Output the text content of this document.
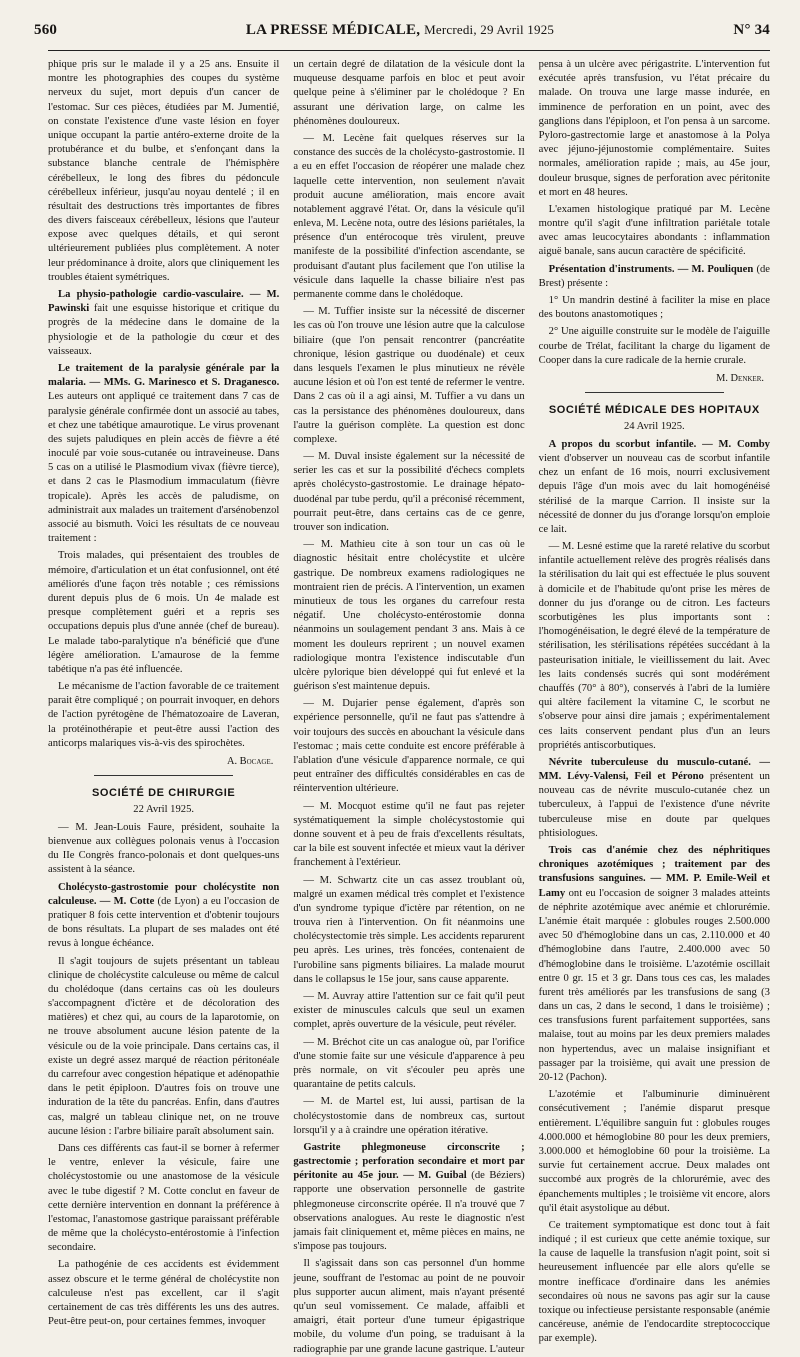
560	LA PRESSE MÉDICALE, Mercredi, 29 Avril 1925	N° 34

phique pris sur le malade il y a 25 ans. Ensuite il montre les photographies des coupes du système nerveux du sujet, mort depuis d'un cancer de l'estomac. Sur ces pièces, étudiées par M. Jumentié, on constate l'existence d'une vaste lésion en foyer unique occupant la partie antéro-externe droite de la protubérance et du bulbe, et s'enfonçant dans la substance blanche centrale de l'hémisphère cérébelleux, le long des fibres du pédoncule cérébelleux inférieur, jusqu'au noyau dentelé ; il en résultait des destructions très importantes de fibres des divers faisceaux cérébelleux, lésions que l'auteur expose avec quelques détails, et qui seront ultérieurement publiées plus complètement. A noter leur prédominance à droite, alors que cliniquement les troubles étaient symétriques.

La physio-pathologie cardio-vasculaire. — M. Pawinski fait une esquisse historique et critique du progrès de la médecine dans le domaine de la physiologie et de la pathologie du cœur et des vaisseaux.

Le traitement de la paralysie générale par la malaria. — MMs. G. Marinesco et S. Draganesco. Les auteurs ont appliqué ce traitement dans 7 cas de paralysie générale confirmée dont un associé au tabes, et chez une tabétique amaurotique. Le virus provenant des sujets paludiques en plein accès de fièvre a été inoculé par voie sous-cutanée ou intraveineuse. Dans 5 cas on a utilisé le Plasmodium vivax (fièvre tierce), et dans 2 cas le Plasmodium immaculatum (fièvre tropicale). Après les accès de paludisme, on administrait aux malades un traitement d'arsénobenzol associé au bismuth. Voici les résultats de ce nouveau traitement :

Trois malades, qui présentaient des troubles de mémoire, d'articulation et un état confusionnel, ont été améliorés d'une façon très notable ; ces rémissions durent depuis plus de 6 mois. Un 4e malade est presque complètement guéri et a repris ses occupations depuis plus d'une année (chef de bureau). Le malade tabo-paralytique n'a bénéficié que d'une légère amélioration. L'amaurose de la femme tabétique n'a pas été influencée.

Le mécanisme de l'action favorable de ce traitement parait être compliqué ; on pourrait invoquer, en dehors de l'action pyrétogène de l'hématozoaire de Laveran, la protéinothérapie et peut-être aussi l'action des anticorps malariques vis-à-vis des spirochètes.

A. Bocage.
SOCIÉTÉ DE CHIRURGIE
22 Avril 1925.

— M. Jean-Louis Faure, président, souhaite la bienvenue aux collègues polonais venus à l'occasion du IIe Congrès franco-polonais et dont quelques-uns assistent à la séance.

Cholécysto-gastrostomie pour cholécystite non calculeuse. — M. Cotte (de Lyon) a eu l'occasion de pratiquer 8 fois cette intervention et d'obtenir toujours de bons résultats. La plupart de ses malades ont été revus à longue échéance.

Il s'agit toujours de sujets présentant un tableau clinique de cholécystite calculeuse ou même de calcul du cholédoque (dans certains cas où les douleurs s'accompagnent d'ictère et de décoloration des matières) et chez qui, au cours de la laparotomie, on ne trouve absolument aucune lésion patente de la vésicule ou de la voie principale. Dans certains cas, il existe un degré assez marqué de réaction péritonéale du carrefour avec congestion hépatique et adénopathie dans le petit épiploon. D'autres fois on trouve une induration de la tête du pancréas. Enfin, dans d'autres cas, malgré un tableau clinique net, on ne trouve aucune lésion : l'arbre biliaire paraît absolument sain.

Dans ces différents cas faut-il se borner à refermer le ventre, enlever la vésicule, faire une cholécystostomie ou une anastomose de la vésicule avec le tube digestif ? M. Cotte conclut en faveur de cette dernière intervention en donnant la préférence à l'estomac, l'anastomose gastrique paraissant préférable de même que la cholécysto-entérostomie à l'infection secondaire.

La pathogénie de ces accidents est évidemment assez obscure et le terme général de cholécystite non calculeuse n'est pas excellent, car il s'agit certainement de cas très différents les uns des autres. Peut-être peut-on, pour certaines femmes, invoquer

un certain degré de dilatation de la vésicule dont la muqueuse desquame parfois en bloc et peut avoir quelque peine à s'éliminer par le cholédoque ? En assurant une dérivation large, on calme les phénomènes douloureux.

— M. Lecène fait quelques réserves sur la constance des succès de la cholécysto-gastrostomie. Il a eu en effet l'occasion de réopérer une malade chez laquelle cette intervention, non seulement n'avait produit aucune amélioration, mais encore avait notablement aggravé l'état. Or, dans la vésicule qu'il enleva, M. Lecène nota, outre des lésions pariétales, la présence d'un entérocoque très virulent, preuve manifeste de la possibilité d'infection ascendante, se produisant d'autant plus facilement que l'on utilise la vésicule dans laquelle la chasse biliaire n'est pas permanente comme dans le cholédoque.

— M. Tuffier insiste sur la nécessité de discerner les cas où l'on trouve une lésion autre que la calculose biliaire (que l'on pensait rencontrer (pancréatite chronique, lésion gastrique ou duodénale) et ceux dans lesquels l'examen le plus minutieux ne révèle aucune lésion et où l'on est tenté de refermer le ventre. Dans 2 cas où il a agi ainsi, M. Tuffier a vu dans un cas la persistance des phénomènes douloureux, dans l'autre la guérison complète. La question est donc complexe.

— M. Duval insiste également sur la nécessité de serier les cas et sur la possibilité d'échecs complets après cholécysto-gastrostomie. Le drainage hépato-duodénal par tube perdu, qu'il a préconisé récemment, pourrait peut-être, dans certains cas de ce genre, trouver son indication.

— M. Mathieu cite à son tour un cas où le diagnostic hésitait entre cholécystite et ulcère gastrique. De nombreux examens radiologiques ne montraient rien de précis. A l'intervention, un examen minutieux de tous les organes du carrefour resta négatif. Une cholécysto-entérostomie donna néanmoins un soulagement pendant 3 ans. Mais à ce moment les douleurs reprirent ; un nouvel examen radiologique montra l'existence indiscutable d'un ulcère pylorique bien développé qui fut enlevé et la guérison s'est maintenue depuis.

— M. Dujarier pense également, d'après son expérience personnelle, qu'il ne faut pas s'attendre à voir toujours des succès en abouchant la vésicule dans l'estomac ; mais cette conduite est encore préférable à l'ablation d'une vésicule d'apparence normale, ce qui peut entraîner des difficultés considérables en cas de réintervention ultérieure.

— M. Mocquot estime qu'il ne faut pas rejeter systématiquement la simple cholécystostomie qui donne souvent et à peu de frais d'excellents résultats, car la bile est souvent infectée et mieux vaut la dériver franchement à l'extérieur.

— M. Schwartz cite un cas assez troublant où, malgré un examen médical très complet et l'existence d'un syndrome typique d'ictère par rétention, on ne trouva rien à l'intervention. On fit néanmoins une cholécystectomie très simple. Les accidents reparurent peu après. Les urines, très foncées, contenaient de l'urobiline sans pigments biliaires. La malade mourut dans le collapsus le 15e jour, sans cause apparente.

— M. Auvray attire l'attention sur ce fait qu'il peut exister de minuscules calculs que seul un examen complet, après ouverture de la vésicule, peut révéler.

— M. Bréchot cite un cas analogue où, par l'orifice d'une stomie faite sur une vésicule d'apparence à peu près normale, on vit s'écouler peu après une quarantaine de petits calculs.

— M. de Martel est, lui aussi, partisan de la cholécystostomie dans de nombreux cas, surtout lorsqu'il y a à craindre une opération itérative.

Gastrite phlegmoneuse circonscrite ; gastrectomie ; perforation secondaire et mort par péritonite au 45e jour. — M. Guibal (de Béziers) rapporte une observation personnelle de gastrite phlegmoneuse circonscrite opérée. Il n'a trouvé que 7 observations analogues. Au reste le diagnostic n'est jamais fait cliniquement et, même pièces en mains, ne s'impose pas toujours.

Il s'agissait dans son cas personnel d'un homme jeune, souffrant de l'estomac au point de ne pouvoir plus supporter aucun aliment, mais n'ayant présenté qu'un seul vomissement. Ce malade, affaibli et amaigri, était porteur d'une tumeur épigastrique mobile, du volume d'un poing, se traduisant à la radiographie par une grande lacune gastrique. L'auteur

pensa à un ulcère avec périgastrite. L'intervention fut exécutée après transfusion, vu l'état précaire du malade. On trouva une large masse indurée, en imminence de perforation en un point, avec des ganglions dans l'épiploon, et l'on pensa à un sarcome. Pyloro-gastrectomie large et anastomose à la Polya avec jéjuno-jéjunostomie complémentaire. Suites normales, amélioration rapide ; mais, au 45e jour, douleur brusque, signes de perforation avec péritonite et mort en 48 heures.

L'examen histologique pratiqué par M. Lecène montre qu'il s'agit d'une infiltration pariétale totale avec amas leucocytaires abondants : inflammation aiguë banale, sans aucun caractère de spécificité.

Présentation d'instruments. — M. Pouliquen (de Brest) présente :

1° Un mandrin destiné à faciliter la mise en place des boutons anastomotiques ;

2° Une aiguille construite sur le modèle de l'aiguille courbe de Trélat, facilitant la charge du ligament de Cooper dans la cure radicale de la hernie crurale.

M. Denker.
SOCIÉTÉ MÉDICALE DES HOPITAUX
24 Avril 1925.

A propos du scorbut infantile. — M. Comby vient d'observer un nouveau cas de scorbut infantile chez un enfant de 16 mois, nourri exclusivement depuis l'âge d'un mois avec du lait homogénéisé stérilisé de la marque Carrion. Il insiste sur la nécessité de donner du jus d'orange lorsqu'on emploie ce lait.

— M. Lesné estime que la rareté relative du scorbut infantile actuellement relève des progrès réalisés dans la stérilisation du lait qui est effectuée le plus souvent à domicile et de l'habitude qu'ont prise les mères de donner du jus d'orange ou de citron. Les facteurs scorbutigènes les plus importants sont : l'homogénéisation, le degré élevé de la température de stérilisation, les stérilisations répétées succédant à la pasteurisation initiale, le vieillissement du lait. Avec les laits condensés sucrés qui sont modérément chauffés (70° à 80°), conservés à l'abri de la lumière qui altère facilement la vitamine C, le scorbut ne s'observe pour ainsi dire jamais ; expérimentalement ces laits conservent pendant plus d'un an leurs propriétés antiscorbutiques.

Névrite tuberculeuse du musculo-cutané. — MM. Lévy-Valensi, Feil et Pérono présentent un nouveau cas de névrite musculo-cutanée chez un tuberculeux, à l'appui de l'existence d'une névrite tuberculeuse mise en doute par quelques phtisiologues.

Trois cas d'anémie chez des néphritiques chroniques azotémiques ; traitement par des transfusions sanguines. — MM. P. Emile-Weil et Lamy ont eu l'occasion de soigner 3 malades atteints de néphrite azotémique avec anémie et chlorurémie. L'anémie était marquée : globules rouges 2.500.000 avec 50 d'hémoglobine dans un cas, 2.110.000 et 40 d'hémoglobine dans l'autre, 2.400.000 avec 50 d'hémoglobine dans le troisième. L'azotémie oscillait entre 0 gr. 15 et 3 gr. Dans tous ces cas, les malades furent très améliorés par les transfusions de sang (3 dans un cas, 2 dans le second, 1 dans le troisième) ; ces transfusions furent parfaitement supportées, sans malaise, tout au moins par les deux premiers malades non hypertendus, avec un malaise insignifiant et passager par la troisième, qui avait une pression de 20-12 (Pachon).

L'azotémie et l'albuminurie diminuèrent consécutivement ; l'anémie disparut presque entièrement. L'équilibre sanguin fut : globules rouges 4.000.000 et hémoglobine 80 pour les deux premiers, 3.000.000 et hémoglobine 60 pour la troisième. La survie fut certainement accrue. Deux malades ont succombé aux progrès de la chlorurémie, avec des épanchements multiples ; le troisième vit encore, alors qu'il était asystolique au début.

Ce traitement symptomatique est donc tout à fait indiqué ; il est curieux que cette anémie toxique, sur la cause de laquelle la transfusion n'agit point, soit si heureusement influencée par elle alors qu'elle se montre inefficace d'ordinaire dans les anémies secondaires où nous ne savons pas agir sur la cause toxique ou infectieuse persistante responsable (anémie cancéreuse, anémie de l'endocardite streptococcique par exemple).
